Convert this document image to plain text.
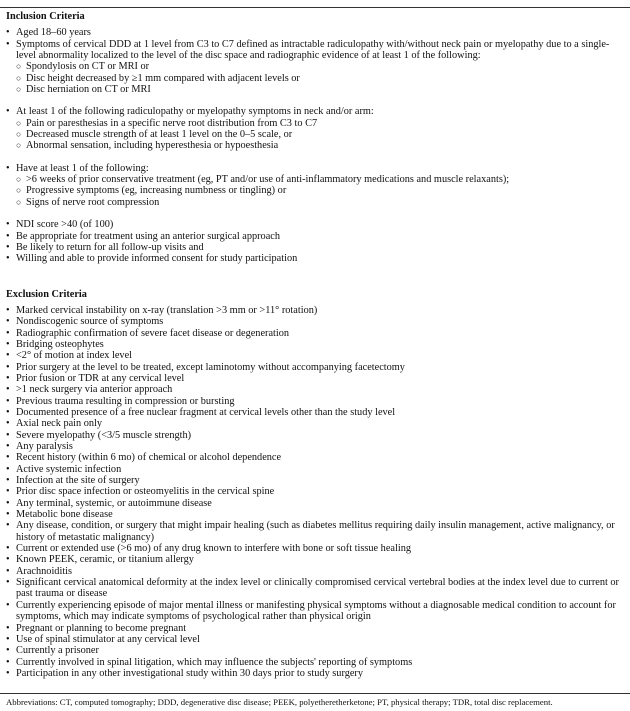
Inclusion Criteria
• Aged 18–60 years
• Symptoms of cervical DDD at 1 level from C3 to C7 defined as intractable radiculopathy with/without neck pain or myelopathy due to a single-level abnormality localized to the level of the disc space and radiographic evidence of at least 1 of the following:
○ Spondylosis on CT or MRI or
○ Disc height decreased by ≥1 mm compared with adjacent levels or
○ Disc herniation on CT or MRI
• At least 1 of the following radiculopathy or myelopathy symptoms in neck and/or arm:
○ Pain or paresthesias in a specific nerve root distribution from C3 to C7
○ Decreased muscle strength of at least 1 level on the 0–5 scale, or
○ Abnormal sensation, including hyperesthesia or hypoesthesia
• Have at least 1 of the following:
○ >6 weeks of prior conservative treatment (eg, PT and/or use of anti-inflammatory medications and muscle relaxants);
○ Progressive symptoms (eg, increasing numbness or tingling) or
○ Signs of nerve root compression
• NDI score >40 (of 100)
• Be appropriate for treatment using an anterior surgical approach
• Be likely to return for all follow-up visits and
• Willing and able to provide informed consent for study participation
Exclusion Criteria
• Marked cervical instability on x-ray (translation >3 mm or >11° rotation)
• Nondiscogenic source of symptoms
• Radiographic confirmation of severe facet disease or degeneration
• Bridging osteophytes
• <2° of motion at index level
• Prior surgery at the level to be treated, except laminotomy without accompanying facetectomy
• Prior fusion or TDR at any cervical level
• >1 neck surgery via anterior approach
• Previous trauma resulting in compression or bursting
• Documented presence of a free nuclear fragment at cervical levels other than the study level
• Axial neck pain only
• Severe myelopathy (<3/5 muscle strength)
• Any paralysis
• Recent history (within 6 mo) of chemical or alcohol dependence
• Active systemic infection
• Infection at the site of surgery
• Prior disc space infection or osteomyelitis in the cervical spine
• Any terminal, systemic, or autoimmune disease
• Metabolic bone disease
• Any disease, condition, or surgery that might impair healing (such as diabetes mellitus requiring daily insulin management, active malignancy, or history of metastatic malignancy)
• Current or extended use (>6 mo) of any drug known to interfere with bone or soft tissue healing
• Known PEEK, ceramic, or titanium allergy
• Arachnoiditis
• Significant cervical anatomical deformity at the index level or clinically compromised cervical vertebral bodies at the index level due to current or past trauma or disease
• Currently experiencing episode of major mental illness or manifesting physical symptoms without a diagnosable medical condition to account for symptoms, which may indicate symptoms of psychological rather than physical origin
• Pregnant or planning to become pregnant
• Use of spinal stimulator at any cervical level
• Currently a prisoner
• Currently involved in spinal litigation, which may influence the subjects' reporting of symptoms
• Participation in any other investigational study within 30 days prior to study surgery
Abbreviations: CT, computed tomography; DDD, degenerative disc disease; PEEK, polyetheretherketone; PT, physical therapy; TDR, total disc replacement.
